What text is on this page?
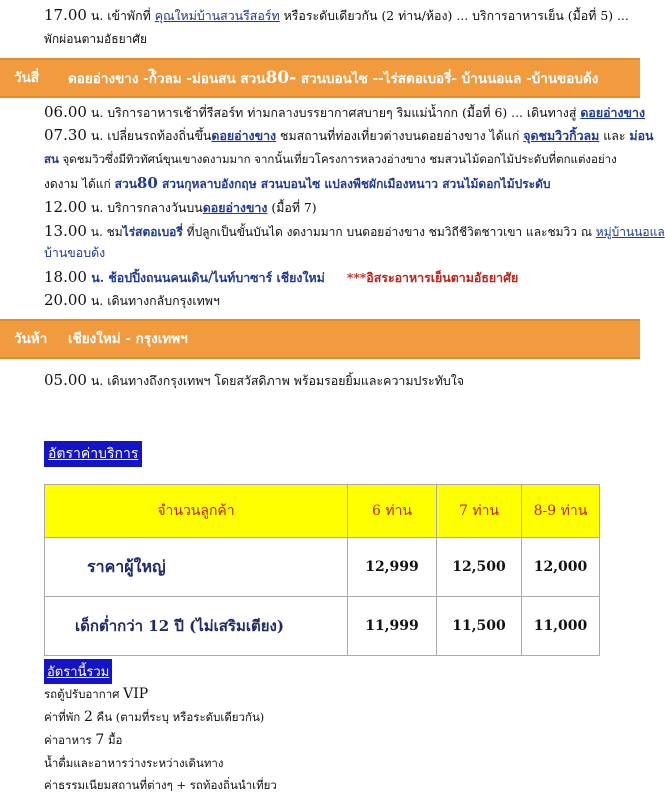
17.00 น. เข้าพักที่ คุณใหม่บ้านสวนรีสอร์ท หรือระดับเดียวกัน (2 ท่าน/ห้อง) ... บริการอาหารเย็น (มื้อที่ 5) ...
พักผ่อนตามอัธยาศัย
วันสี่ ดอยอ่างขาง -ก้ิวลม -ม่อนสน สวน80- สวนบอนไซ --ไร่สตอเบอรี่- บ้านนอแล -บ้านขอบด้ง
06.00 น. บริการอาหารเช้าที่รีสอร์ท ท่ามกลางบรรยากาศสบายๆ ริมแม่น้ำกก (มื้อที่ 6) ... เดินทางสู่ ดอยอ่างขาง
07.30 น. เปลี่ยนรถท้องถิ่นขึ้นดอยอ่างขาง ชมสถานที่ท่องเที่ยวต่างบนดอยอ่างขาง ได้แก่ จุดชมวิวกิ้วลม และ ม่อน
สน จุดชมวิวซึ่งมีทิวทัศน์ขุนเขางดงามมาก จากนั้นเที่ยวโครงการหลวงอ่างขาง ชมสวนไม้ดอกไม้ประดับที่ตกแต่งอย่าง
งดงาม ได้แก่ สวน80 สวนกุหลาบอังกฤษ สวนบอนไซ แปลงพืชผักเมืองหนาว สวนไม้ดอกไม้ประดับ
12.00 น. บริการกลางวันบนดอยอ่างขาง (มื้อที่ 7)
13.00 น. ชมไร่สตอเบอรี่ ที่ปลูกเป็นขั้นบันได งดงามมาก บนดอยอ่างขาง ชมวิถีชีวิตชาวเขา และชมวิว ณ หมู่บ้านนอแล
บ้านขอบด้ง
18.00 น. ช้อปปิ้งถนนคนเดิน/ไนท์บาซาร์ เชียงใหม่ ***อิสระอาหารเย็นตามอัธยาศัย
20.00 น. เดินทางกลับกรุงเทพฯ
วันห้า เชียงใหม่ - กรุงเทพฯ
05.00 น. เดินทางถึงกรุงเทพฯ โดยสวัสดิภาพ พร้อมรอยยิ้มและความประทับใจ
อัตราค่าบริการ
จำนวนลูกค้า	6 ท่าน	7 ท่าน	8-9 ท่าน
ราคาผู้ใหญ่	12,999	12,500	12,000
เด็กต่ำกว่า 12 ปี (ไม่เสริมเตียง)	11,999	11,500	11,000
อัตรานี้รวม
รถตู้ปรับอากาศ VIP
ค่าที่พัก 2 คืน (ตามที่ระบุ หรือระดับเดียวกัน)
ค่าอาหาร 7 มื้อ
น้ำดื่มและอาหารว่างระหว่างเดินทาง
ค่าธรรมเนียมสถานที่ต่างๆ + รถท้องถิ่นนำเที่ยว
